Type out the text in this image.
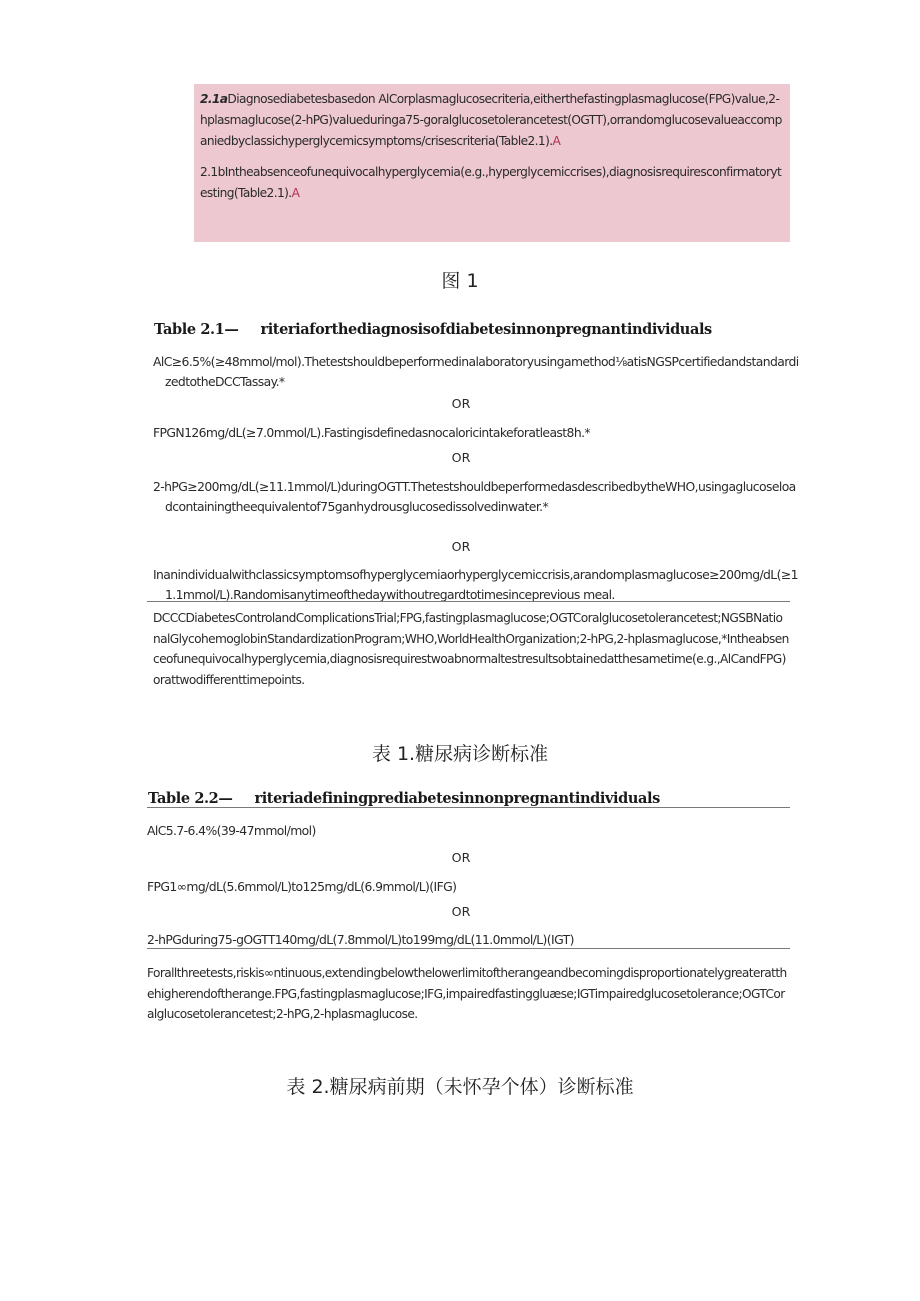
2.1aDiagnosediabetesbasedon AlCorplasmaglucosecriteria,eitherthefastingplasmaglucose(FPG)value,2-hplasmaglucose(2-hPG)valueduringa75-goralglucosetolerancetest(OGTT),orrandomglucosevalueaccompaniedbyclassichyperglycemicsymptoms/crisescriteria(Table2.1).A

2.1bIntheabsenceofunequivocalhyperglycemia(e.g.,hyperglycemiccrises),diagnosisrequiresconfirmatorytesting(Table2.1).A

图 1
Table 2.1— riteriaforthediagnosisofdiabetesinnonpregnantindividuals
AlC≥6.5%(≥48mmol/mol).Thetestshouldbeperformedinalaboratoryusingamethod⅛atisNGSPcertifiedandstandardizedtotheDCCTassay.*
OR
FPGN126mg/dL(≥7.0mmol∕L).Fastingisdefinedasnocaloricintakeforatleast8h.*
OR
2-hPG≥200mg/dL(≥11.1mmol∕L)duringOGTT.ThetestshouldbeperformedasdescribedbytheWHO,usingaglucoseloadcontainingtheequivalentof75ganhydrousglucosedissolvedinwater.*
OR
Inanindividualwithclassicsymptomsofhyperglycemiaorhyperglycemiccrisis,arandomplasmaglucose≥200mg/dL(≥11.1mmol∕L).Randomisanytimeofthedaywithoutregardtotimesinceprevious meal.
DCCCDiabetesControlandComplicationsTrial;FPG,fastingplasmaglucose;OGTCoralglucosetolerancetest;NGSBNationalGlycohemoglobinStandardizationProgram;WHO,WorldHealthOrganization;2-hPG,2-hplasmaglucose,*Intheabsenceofunequivocalhyperglycemia,diagnosisrequirestwoabnormaltestresultsobtainedatthesametime(e.g.,AlCandFPG)orattwodifferenttimepoints.
表 1.糖尿病诊断标准
Table 2.2— riteriadefiningprediabetesinnonpregnantindividuals
AlC5.7-6.4%(39-47mmol/mol)
OR
FPG1∞mg/dL(5.6mmol∕L)to125mg/dL(6.9mmol∕L)(IFG)
OR
2-hPGduring75-gOGTT140mg/dL(7.8mmol∕L)to199mg/dL(11.0mmol∕L)(IGT)
Forallthreetests,riskis∞ntinuous,extendingbelowthelowerlimitoftherangeandbecomingdisproportionatelygreateratthehigherendoftherange.FPG,fastingplasmaglucose;IFG,impairedfastinggluæse;IGTimpairedglucosetolerance;OGTCoralglucosetolerancetest;2-hPG,2-hplasmaglucose.
表 2.糖尿病前期（未怀孕个体）诊断标准
